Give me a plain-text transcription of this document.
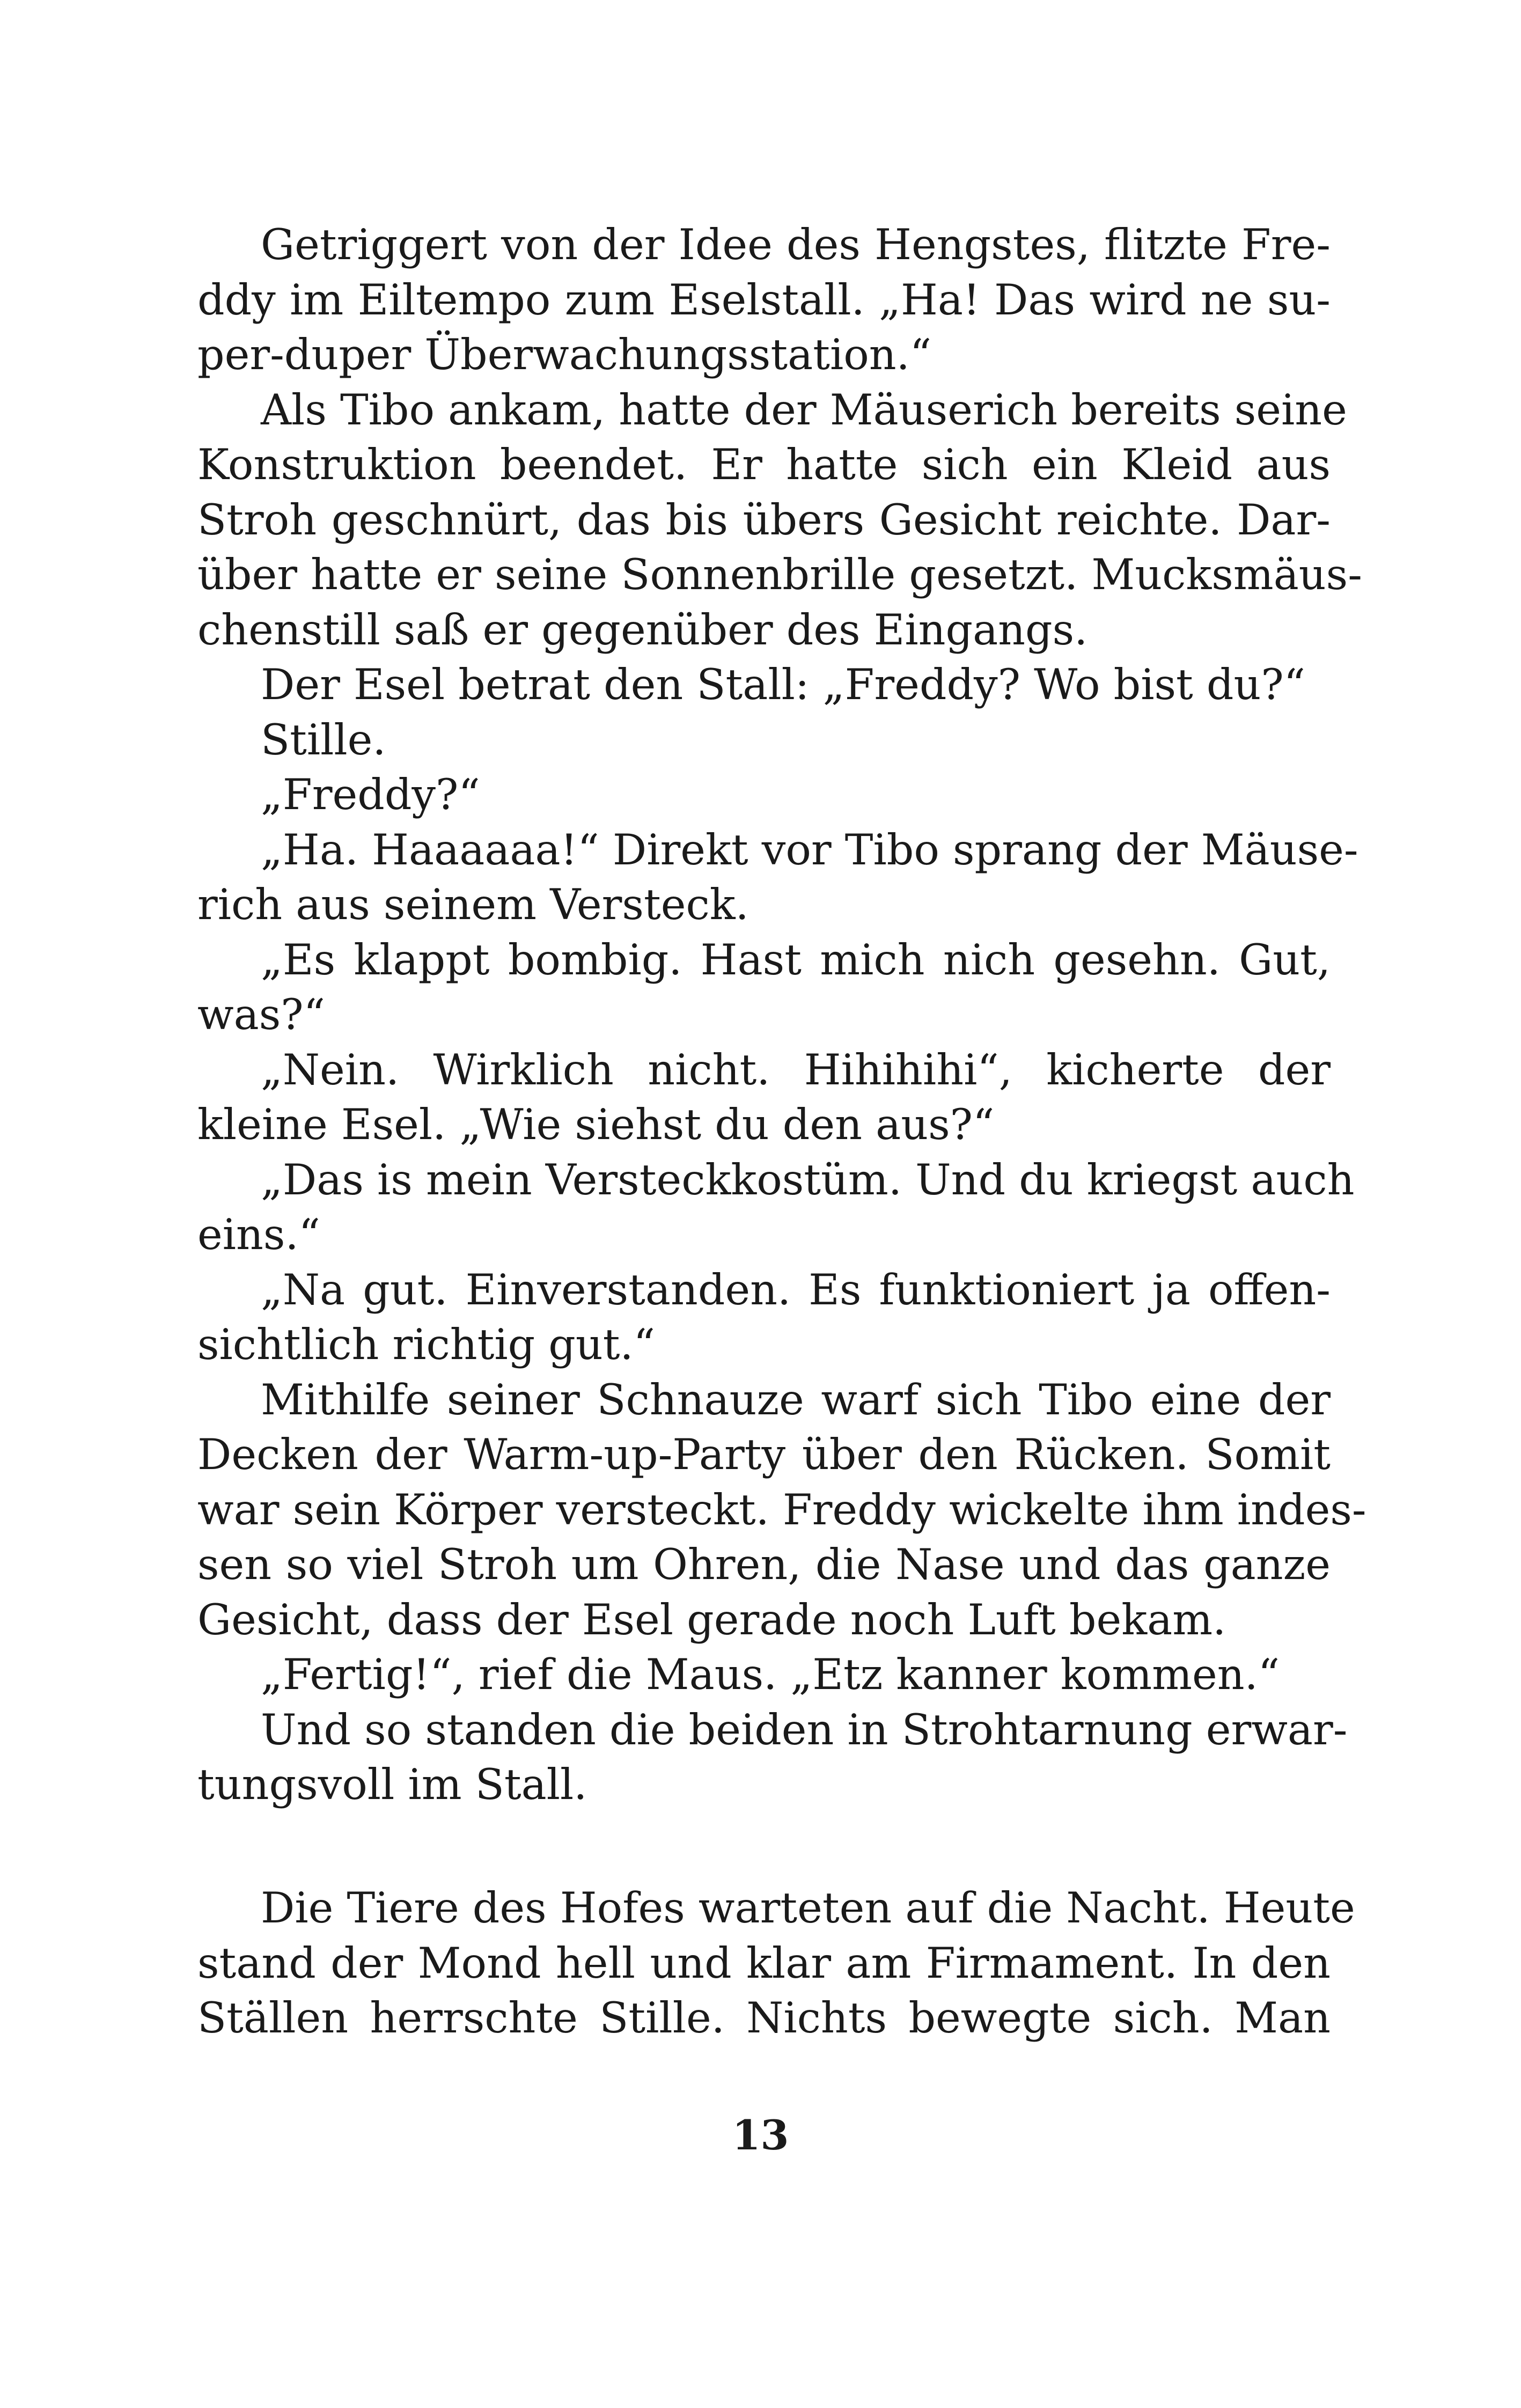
Getriggert von der Idee des Hengstes, flitzte Fre-
ddy im Eiltempo zum Eselstall. „Ha! Das wird ne su-
per-duper Überwachungsstation.“
Als Tibo ankam, hatte der Mäuserich bereits seine
Konstruktion beendet. Er hatte sich ein Kleid aus
Stroh geschnürt, das bis übers Gesicht reichte. Dar-
über hatte er seine Sonnenbrille gesetzt. Mucksmäus-
chenstill saß er gegenüber des Eingangs.
Der Esel betrat den Stall: „Freddy? Wo bist du?“
Stille.
„Freddy?“
„Ha. Haaaaaa!“ Direkt vor Tibo sprang der Mäuse-
rich aus seinem Versteck.
„Es klappt bombig. Hast mich nich gesehn. Gut,
was?“
„Nein. Wirklich nicht. Hihihihi“, kicherte der
kleine Esel. „Wie siehst du den aus?“
„Das is mein Versteckkostüm. Und du kriegst auch
eins.“
„Na gut. Einverstanden. Es funktioniert ja offen-
sichtlich richtig gut.“
Mithilfe seiner Schnauze warf sich Tibo eine der
Decken der Warm-up-Party über den Rücken. Somit
war sein Körper versteckt. Freddy wickelte ihm indes-
sen so viel Stroh um Ohren, die Nase und das ganze
Gesicht, dass der Esel gerade noch Luft bekam.
„Fertig!“, rief die Maus. „Etz kanner kommen.“
Und so standen die beiden in Strohtarnung erwar-
tungsvoll im Stall.
Die Tiere des Hofes warteten auf die Nacht. Heute
stand der Mond hell und klar am Firmament. In den
Ställen herrschte Stille. Nichts bewegte sich. Man
13
